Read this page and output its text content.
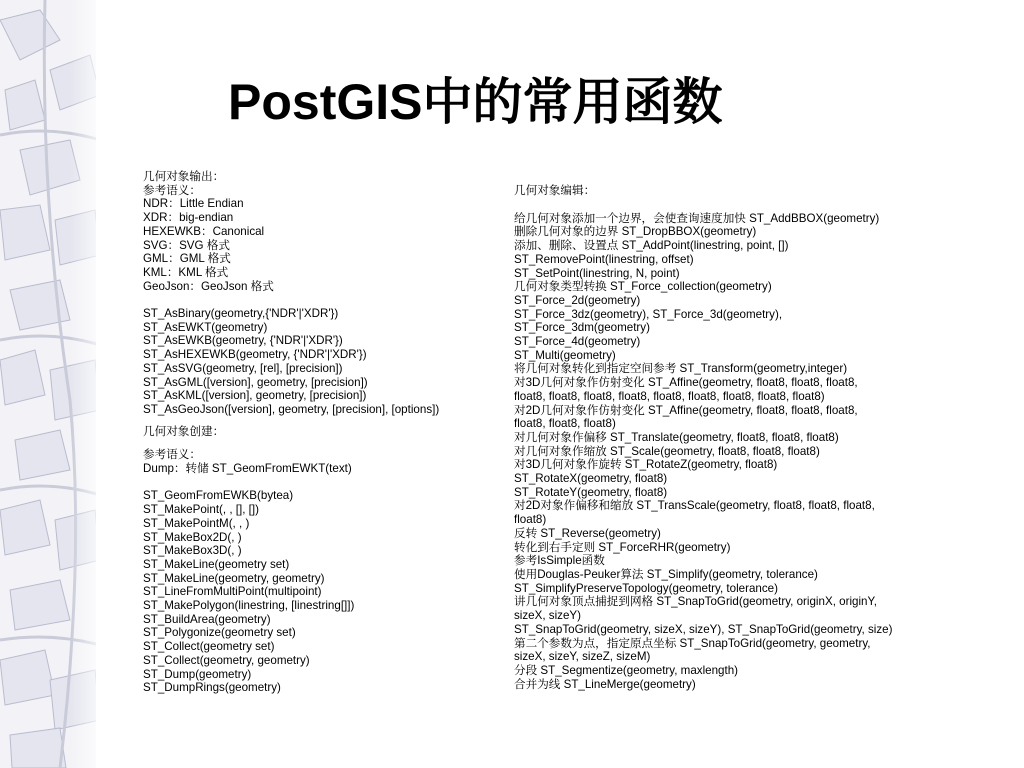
PostGIS中的常用函数
几何对象输出：
参考语义：
NDR：Little Endian
XDR：big-endian
HEXEWKB：Canonical
SVG：SVG 格式
GML：GML 格式
KML：KML 格式
GeoJson：GeoJson 格式
ST_AsBinary(geometry,{'NDR'|'XDR'})
ST_AsEWKT(geometry)
ST_AsEWKB(geometry, {'NDR'|'XDR'})
ST_AsHEXEWKB(geometry, {'NDR'|'XDR'})
ST_AsSVG(geometry, [rel], [precision])
ST_AsGML([version], geometry, [precision])
ST_AsKML([version], geometry, [precision])
ST_AsGeoJson([version], geometry, [precision], [options])
几何对象创建：
参考语义：
Dump：转储 ST_GeomFromEWKT(text)
ST_GeomFromEWKB(bytea)
ST_MakePoint(, , [], [])
ST_MakePointM(, , )
ST_MakeBox2D(, )
ST_MakeBox3D(, )
ST_MakeLine(geometry set)
ST_MakeLine(geometry, geometry)
ST_LineFromMultiPoint(multipoint)
ST_MakePolygon(linestring, [linestring[]])
ST_BuildArea(geometry)
ST_Polygonize(geometry set)
ST_Collect(geometry set)
ST_Collect(geometry, geometry)
ST_Dump(geometry)
ST_DumpRings(geometry)
几何对象编辑：
给几何对象添加一个边界，会使查询速度加快 ST_AddBBOX(geometry)
删除几何对象的边界 ST_DropBBOX(geometry)
添加、删除、设置点 ST_AddPoint(linestring, point, [])
ST_RemovePoint(linestring, offset)
ST_SetPoint(linestring, N, point)
几何对象类型转换 ST_Force_collection(geometry)
ST_Force_2d(geometry)
ST_Force_3dz(geometry), ST_Force_3d(geometry),
ST_Force_3dm(geometry)
ST_Force_4d(geometry)
ST_Multi(geometry)
将几何对象转化到指定空间参考 ST_Transform(geometry,integer)
对3D几何对象作仿射变化 ST_Affine(geometry, float8, float8, float8,
float8, float8, float8, float8, float8, float8, float8, float8, float8)
对2D几何对象作仿射变化 ST_Affine(geometry, float8, float8, float8,
float8, float8, float8)
对几何对象作偏移 ST_Translate(geometry, float8, float8, float8)
对几何对象作缩放 ST_Scale(geometry, float8, float8, float8)
对3D几何对象作旋转 ST_RotateZ(geometry, float8)
ST_RotateX(geometry, float8)
ST_RotateY(geometry, float8)
对2D对象作偏移和缩放 ST_TransScale(geometry, float8, float8, float8,
float8)
反转 ST_Reverse(geometry)
转化到右手定则 ST_ForceRHR(geometry)
参考IsSimple函数
使用Douglas-Peuker算法 ST_Simplify(geometry, tolerance)
ST_SimplifyPreserveTopology(geometry, tolerance)
讲几何对象顶点捕捉到网格 ST_SnapToGrid(geometry, originX, originY,
sizeX, sizeY)
ST_SnapToGrid(geometry, sizeX, sizeY), ST_SnapToGrid(geometry, size)
第二个参数为点，指定原点坐标 ST_SnapToGrid(geometry, geometry,
sizeX, sizeY, sizeZ, sizeM)
分段 ST_Segmentize(geometry, maxlength)
合并为线 ST_LineMerge(geometry)
